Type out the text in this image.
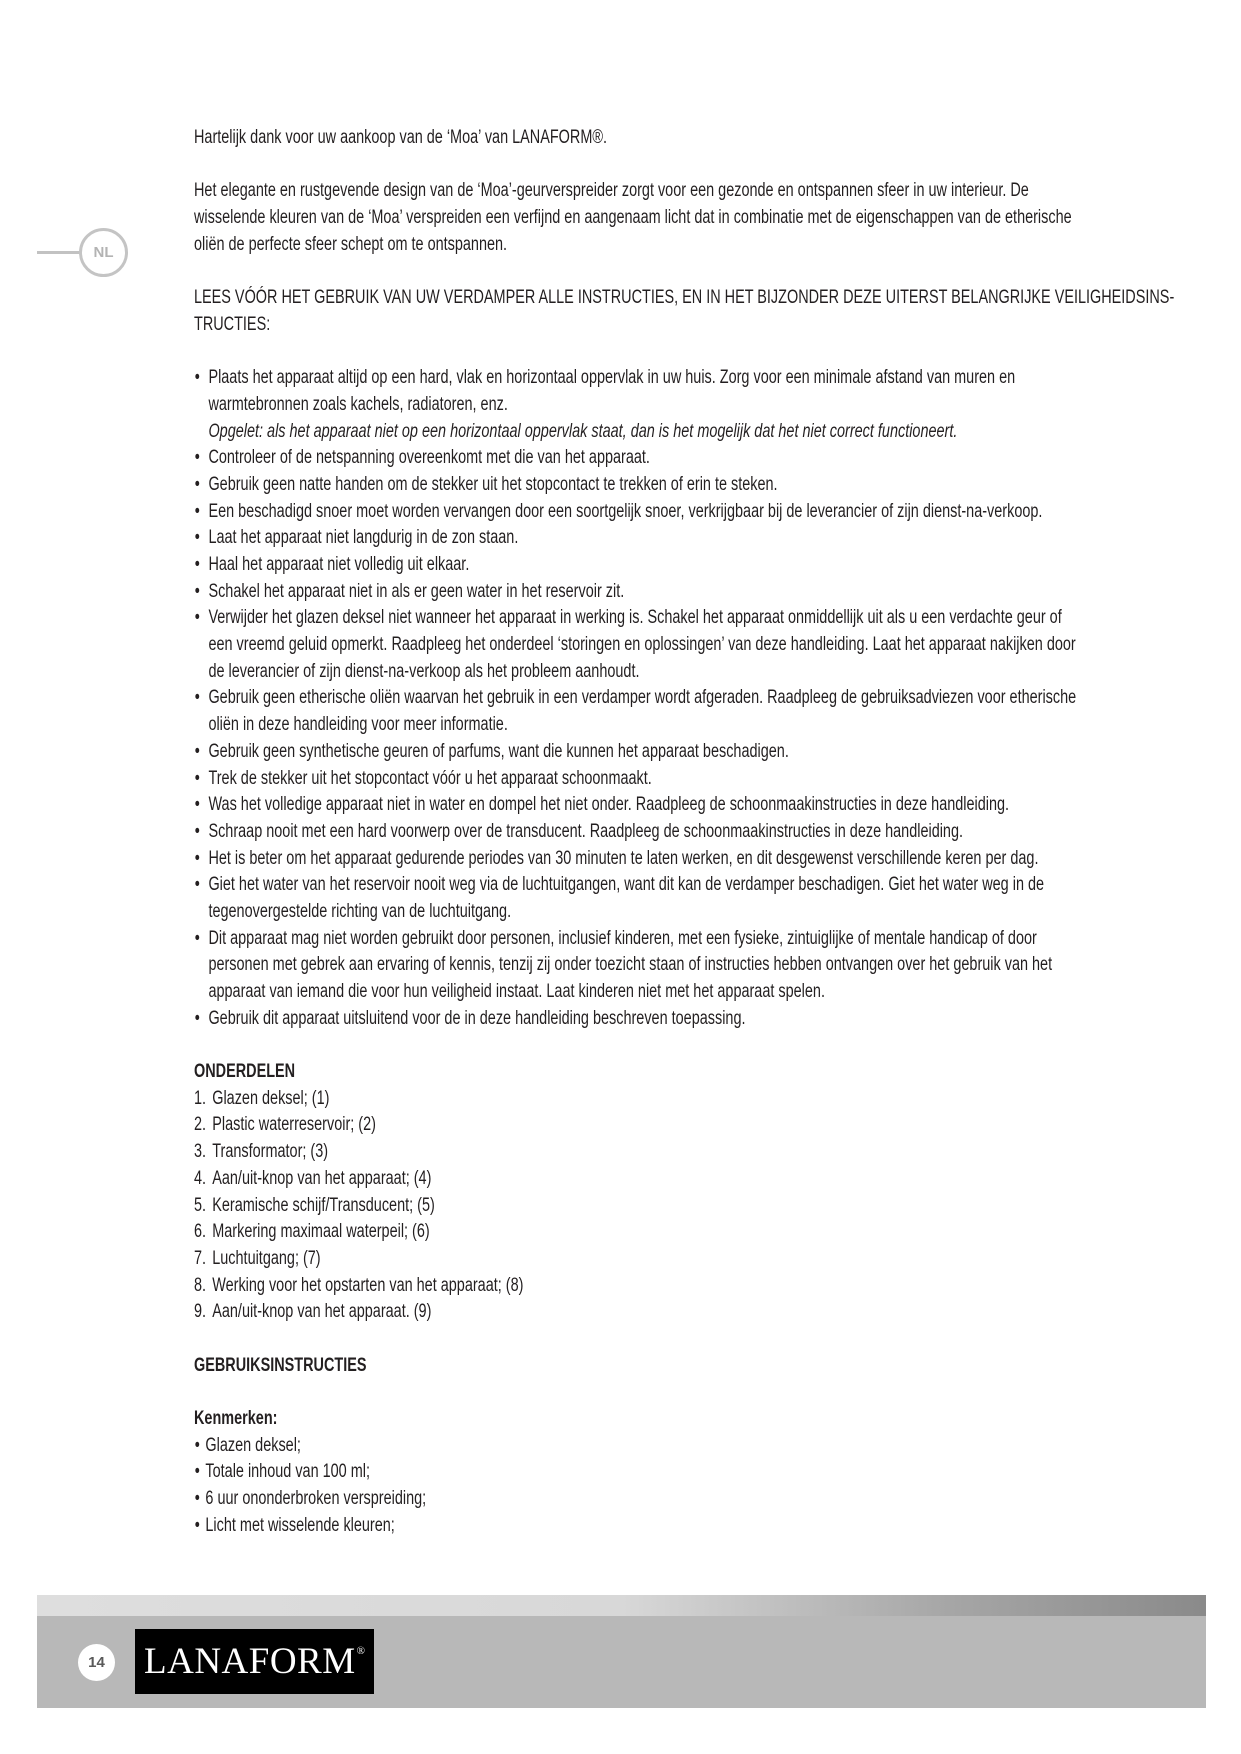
NL
Hartelijk dank voor uw aankoop van de ‘Moa’ van LANAFORM®.
Het elegante en rustgevende design van de ‘Moa’-geurverspreider zorgt voor een gezonde en ontspannen sfeer in uw interieur. De
wisselende kleuren van de ‘Moa’ verspreiden een verfijnd en aangenaam licht dat in combinatie met de eigenschappen van de etherische
oliën de perfecte sfeer schept om te ontspannen.
LEES VÓÓR HET GEBRUIK VAN UW VERDAMPER ALLE INSTRUCTIES, EN IN HET BIJZONDER DEZE UITERST BELANGRIJKE VEILIGHEIDSINS-
TRUCTIES:
• Plaats het apparaat altijd op een hard, vlak en horizontaal oppervlak in uw huis. Zorg voor een minimale afstand van muren en
warmtebronnen zoals kachels, radiatoren, enz.
Opgelet: als het apparaat niet op een horizontaal oppervlak staat, dan is het mogelijk dat het niet correct functioneert.
• Controleer of de netspanning overeenkomt met die van het apparaat.
• Gebruik geen natte handen om de stekker uit het stopcontact te trekken of erin te steken.
• Een beschadigd snoer moet worden vervangen door een soortgelijk snoer, verkrijgbaar bij de leverancier of zijn dienst-na-verkoop.
• Laat het apparaat niet langdurig in de zon staan.
• Haal het apparaat niet volledig uit elkaar.
• Schakel het apparaat niet in als er geen water in het reservoir zit.
• Verwijder het glazen deksel niet wanneer het apparaat in werking is. Schakel het apparaat onmiddellijk uit als u een verdachte geur of
een vreemd geluid opmerkt. Raadpleeg het onderdeel ‘storingen en oplossingen’ van deze handleiding. Laat het apparaat nakijken door
de leverancier of zijn dienst-na-verkoop als het probleem aanhoudt.
• Gebruik geen etherische oliën waarvan het gebruik in een verdamper wordt afgeraden. Raadpleeg de gebruiksadviezen voor etherische
oliën in deze handleiding voor meer informatie.
• Gebruik geen synthetische geuren of parfums, want die kunnen het apparaat beschadigen.
• Trek de stekker uit het stopcontact vóór u het apparaat schoonmaakt.
• Was het volledige apparaat niet in water en dompel het niet onder. Raadpleeg de schoonmaakinstructies in deze handleiding.
• Schraap nooit met een hard voorwerp over de transducent. Raadpleeg de schoonmaakinstructies in deze handleiding.
• Het is beter om het apparaat gedurende periodes van 30 minuten te laten werken, en dit desgewenst verschillende keren per dag.
• Giet het water van het reservoir nooit weg via de luchtuitgangen, want dit kan de verdamper beschadigen. Giet het water weg in de
tegenovergestelde richting van de luchtuitgang.
• Dit apparaat mag niet worden gebruikt door personen, inclusief kinderen, met een fysieke, zintuiglijke of mentale handicap of door
personen met gebrek aan ervaring of kennis, tenzij zij onder toezicht staan of instructies hebben ontvangen over het gebruik van het
apparaat van iemand die voor hun veiligheid instaat. Laat kinderen niet met het apparaat spelen.
• Gebruik dit apparaat uitsluitend voor de in deze handleiding beschreven toepassing.
ONDERDELEN
1. Glazen deksel; (1)
2. Plastic waterreservoir; (2)
3. Transformator; (3)
4. Aan/uit-knop van het apparaat; (4)
5. Keramische schijf/Transducent; (5)
6. Markering maximaal waterpeil; (6)
7. Luchtuitgang; (7)
8. Werking voor het opstarten van het apparaat; (8)
9. Aan/uit-knop van het apparaat. (9)
GEBRUIKSINSTRUCTIES
Kenmerken:
• Glazen deksel;
• Totale inhoud van 100 ml;
• 6 uur ononderbroken verspreiding;
• Licht met wisselende kleuren;
14 LANAFORM ®
